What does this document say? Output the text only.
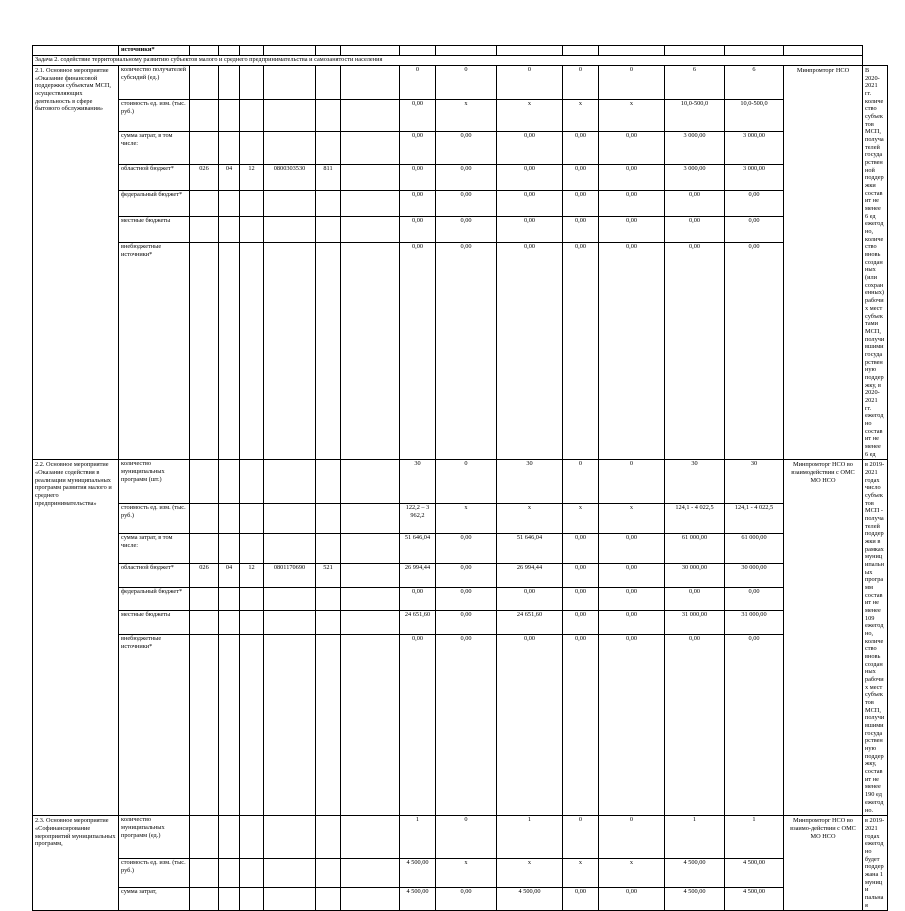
	источники*															
Задача 2. содействие территориальному развитию субъектов малого и среднего предпринимательства и самозанятости населения																
2.1. Основное мероприятие «Оказание финансовой поддержки субъектам МСП, осуществляющих деятельность в сфере бытового обслуживания»	количество получателей субсидий (ед.)							0	0	0	0	0	6	6	Минпромторг НСО	В 2020-2021 гг. количество субъектов МСП, получателей государствен ной поддержки составит не менее 6 ед ежегодно, количество вновь созданных (или сохраненных) рабочих мест субъектами МСП, получившими государствен ную поддержку, в 2020-2021 гг. ежегодно составит не менее 6 ед
	стоимость ед. изм. (тыс. руб.)							0,00	x	x	x	x	10,0-500,0	10,0-500,0		
	сумма затрат, в том числе:							0,00	0,00	0,00	0,00	0,00	3 000,00	3 000,00		
	областной бюджет*	026	04	12	0800303530	811		0,00	0,00	0,00	0,00	0,00	3 000,00	3 000,00		
	федеральный бюджет*							0,00	0,00	0,00	0,00	0,00	0,00	0,00		
	местные бюджеты							0,00	0,00	0,00	0,00	0,00	0,00	0,00		
	внебюджетные источники*							0,00	0,00	0,00	0,00	0,00	0,00	0,00		
2.2. Основное мероприятие «Оказание содействия в реализации муниципальных программ развития малого и среднего предпринимательства»	количество муниципальных программ (шт.)							30	0	30	0	0	30	30	Минпромторг НСО во взаимодействии с ОМС МО НСО	в 2019-2021 годах число субъектов МСП - получателей поддержки в рамках муниципальных программ составит не менее 109 ежегодно, количество вновь созданных рабочих мест субъектов МСП, получившими государственную поддержку, составит не менее 190 ед ежегодно.
	стоимость ед. изм. (тыс. руб.)							122,2 – 3 962,2	x	x	x	x	124,1 - 4 022,5	124,1 - 4 022,5		
	сумма затрат, в том числе:							51 646,04	0,00	51 646,04	0,00	0,00	61 000,00	61 000,00		
	областной бюджет*	026	04	12	0801170690	521		26 994,44	0,00	26 994,44	0,00	0,00	30 000,00	30 000,00		
	федеральный бюджет*							0,00	0,00	0,00	0,00	0,00	0,00	0,00		
	местные бюджеты							24 651,60	0,00	24 651,60	0,00	0,00	31 000,00	31 000,00		
	внебюджетные источники*							0,00	0,00	0,00	0,00	0,00	0,00	0,00		
2.3. Основное мероприятие «Софинансирование мероприятий муниципальных программ,	количество муниципальных программ (ед.)							1	0	1	0	0	1	1	Минпромторг НСО во взаимо-действии с ОМС МО НСО	в 2019-2021 годах ежегодно будет поддержана 1 муници пальная
	стоимость ед. изм. (тыс. руб.)							4 500,00	x	x	x	x	4 500,00	4 500,00		
	сумма затрат,							4 500,00	0,00	4 500,00	0,00	0,00	4 500,00	4 500,00		
